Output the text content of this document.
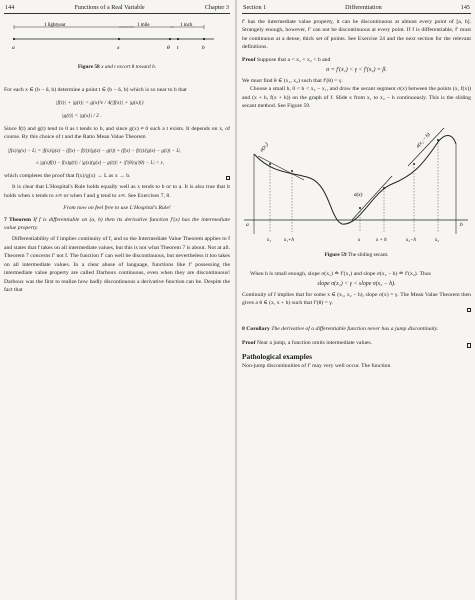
144	Functions of a Real Variable	Chapter 3
1 lightyear	1 mile	1 inch
a	x	θ t	b
Figure 58 x and t escort θ toward b.

For each x ∈ (b − δ, b) determine a point t ∈ (b − δ, b) which is so near to b that

|f(t)| + |g(t)| < g(x)²ε / 4(|f(x)| + |g(x)|)
|g(t)| < |g(x)| / 2 .

Since f(t) and g(t) tend to 0 as t tends to b, and since g(x) ≠ 0 such a t exists. It depends on x, of course. By this choice of t and the Ratio Mean Value Theorem

|f(x)/g(x) − L| = |f(x)/g(x) − (f(x) − f(t))/(g(x) − g(t)) + (f(x) − f(t))/(g(x) − g(t)) − L|
≤ |g(x)f(t) − f(x)g(t)| / |g(x)(g(x) − g(t))| + |f′(θ)/g′(θ) − L| < ε,

which completes the proof that f(x)/g(x) → L as x → b.

It is clear that L'Hospital's Rule holds equally well as x tends to b or to a. It is also true that it holds when x tends to ±∞ or when f and g tend to ±∞. See Exercises 7, 8.

From now on feel free to use L'Hospital's Rule!

7 Theorem If f is differentiable on (a, b) then its derivative function f′(x) has the intermediate value property.

Differentiability of f implies continuity of f, and so the Intermediate Value Theorem applies to f and states that f takes on all intermediate values, but this is not what Theorem 7 is about. Not at all. Theorem 7 concerns f′ not f. The function f′ can well be discontinuous, but nevertheless it too takes on all intermediate values. In a clear abuse of language, functions like f′ possessing the intermediate value property are called Darboux continuous, even when they are discontinuous! Darboux was the first to realize how badly discontinuous a derivative function can be. Despite the fact that

Section 1	Differentiation	145

f′ has the intermediate value property, it can be discontinuous at almost every point of [a, b]. Strangely enough, however, f′ can not be discontinuous at every point. If f is differentiable, f′ must be continuous at a dense, thick set of points. See Exercise 24 and the next section for the relevant definitions.

Proof Suppose that a < x₁ < x₂ < b and

α = f′(x₁) < γ < f′(x₂) = β.

We must find θ ∈ (x₁, x₂) such that f′(θ) = γ.

Choose a small h, 0 < h < x₂ − x₁, and draw the secant segment σ(x) between the points (x, f(x)) and (x + h, f(x + h)) on the graph of f. Slide x from x₁ to x₂ − h continuously. This is the sliding secant method. See Figure 59.

σ(x₁)
σ(x)
σ(x₂ − h)
a	b
x₁	x₁+h	x	x + h	x₂−h	x₂
Figure 59 The sliding secant.

When h is small enough, slope σ(x₁) ≐ f′(x₁) and slope σ(x₂ − h) ≐ f′(x₂). Thus

slope σ(x₁) < γ < slope σ(x₂ − h).

Continuity of f implies that for some x ∈ (x₁, x₂ − h), slope σ(x) = γ. The Mean Value Theorem then gives a θ ∈ (x, x + h) such that f′(θ) = γ.

8 Corollary The derivative of a differentiable function never has a jump discontinuity.

Proof Near a jump, a function omits intermediate values.

Pathological examples

Non-jump discontinuities of f′ may very well occur. The function
